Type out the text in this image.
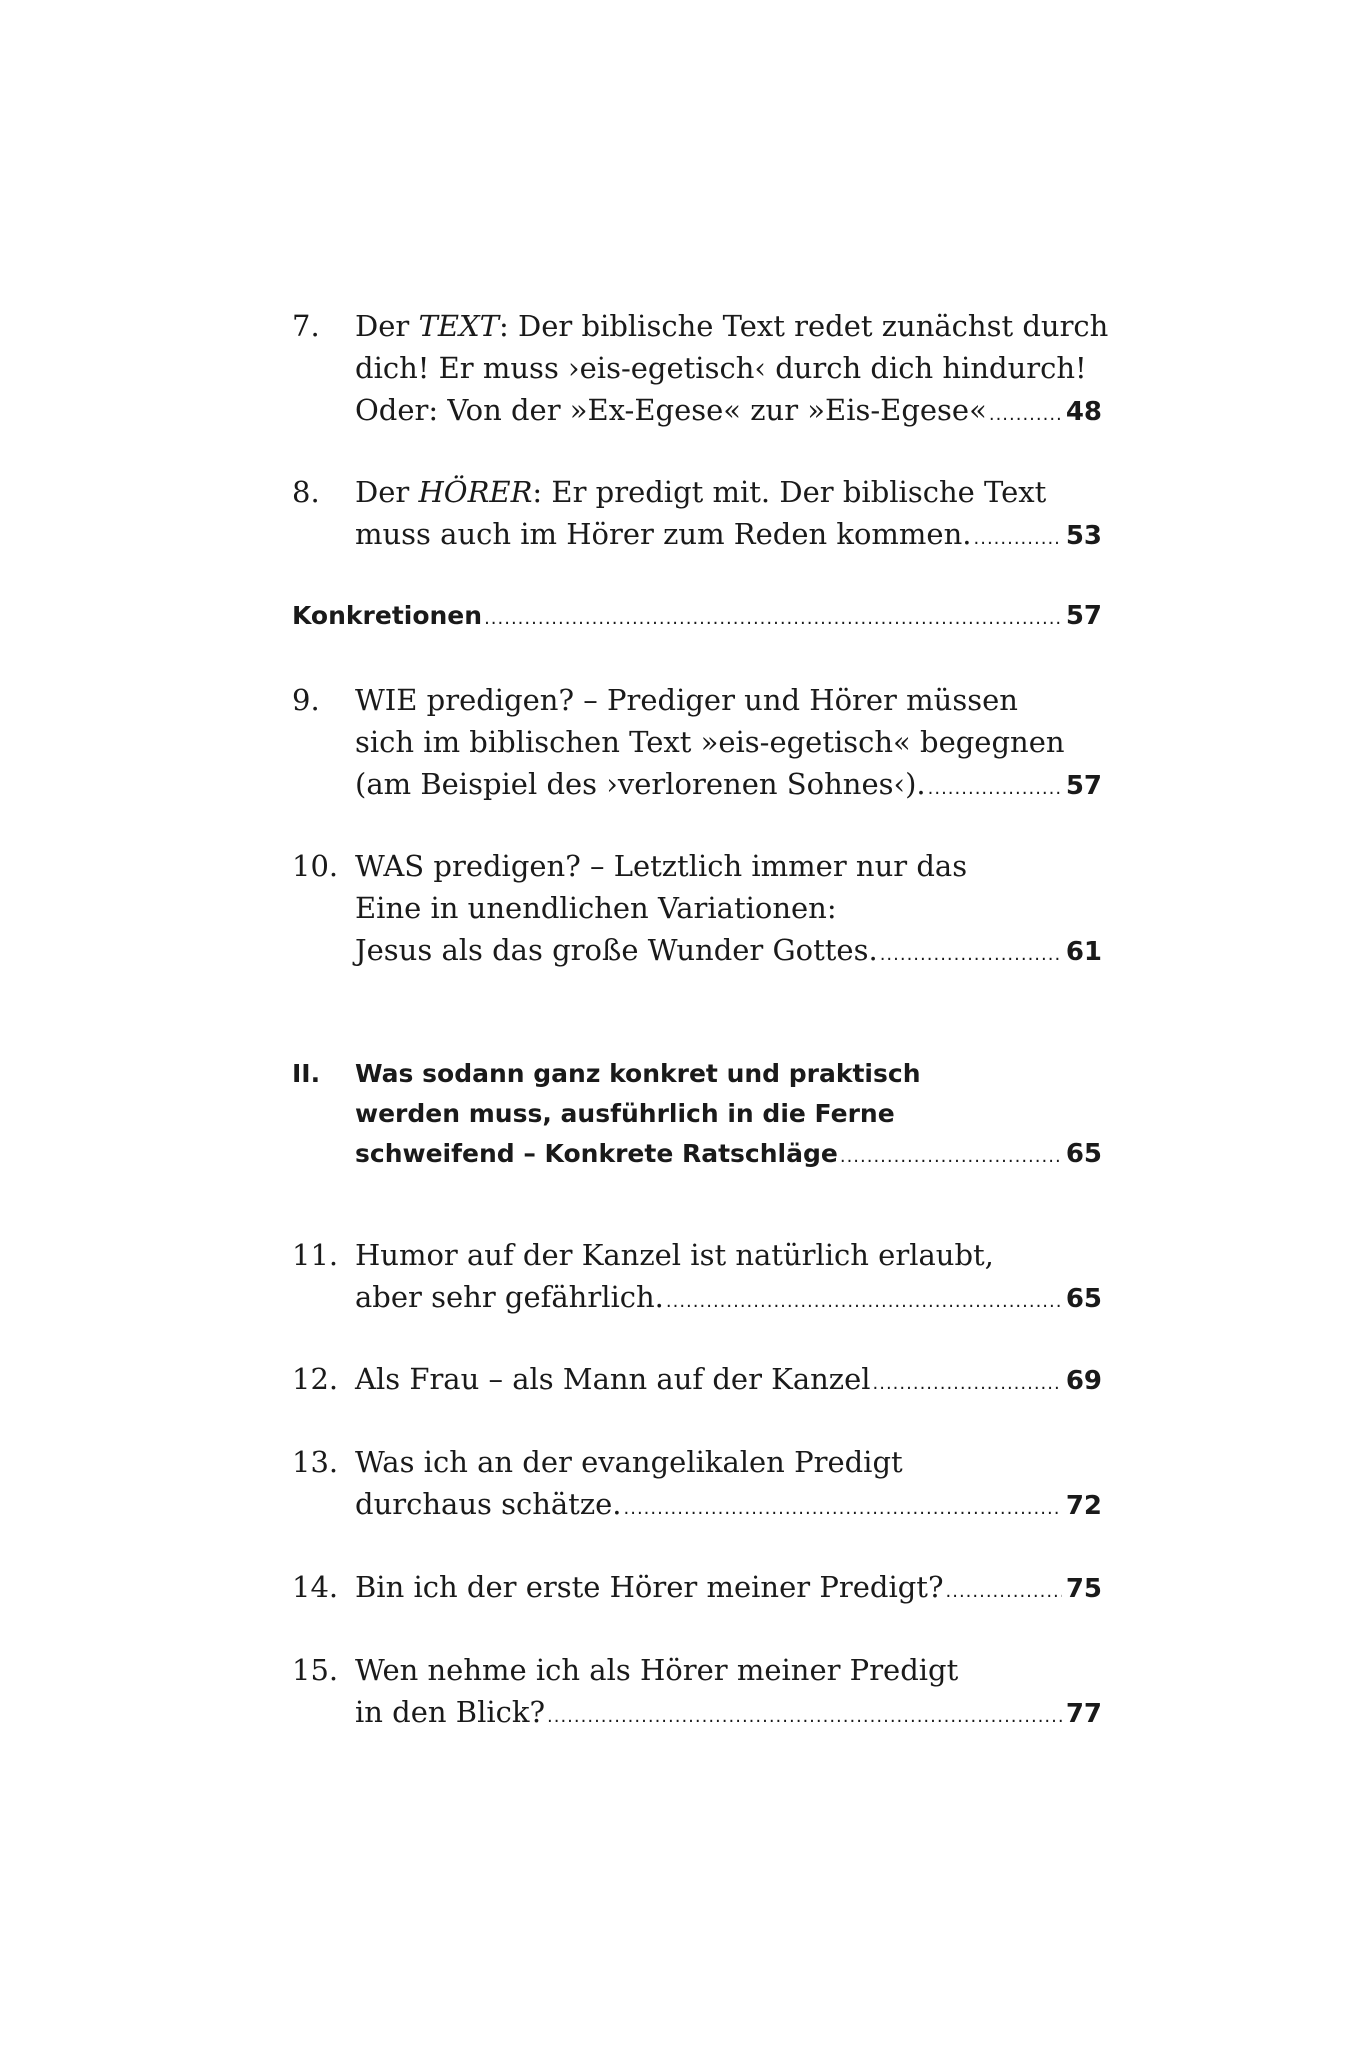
7. Der TEXT: Der biblische Text redet zunächst durch
dich! Er muss ›eis-egetisch‹ durch dich hindurch!
Oder: Von der »Ex-Egese« zur »Eis-Egese« .....	48
8. Der HÖRER: Er predigt mit. Der biblische Text
muss auch im Hörer zum Reden kommen. .....	53
Konkretionen .....	57
9. WIE predigen? – Prediger und Hörer müssen
sich im biblischen Text »eis-egetisch« begegnen
(am Beispiel des ›verlorenen Sohnes‹). .....	57
10. WAS predigen? – Letztlich immer nur das
Eine in unendlichen Variationen:
Jesus als das große Wunder Gottes. .....	61
II. Was sodann ganz konkret und praktisch
werden muss, ausführlich in die Ferne
schweifend – Konkrete Ratschläge .....	65
11. Humor auf der Kanzel ist natürlich erlaubt,
aber sehr gefährlich. .....	65
12. Als Frau – als Mann auf der Kanzel .....	69
13. Was ich an der evangelikalen Predigt
durchaus schätze. .....	72
14. Bin ich der erste Hörer meiner Predigt? .....	75
15. Wen nehme ich als Hörer meiner Predigt
in den Blick? .....	77
